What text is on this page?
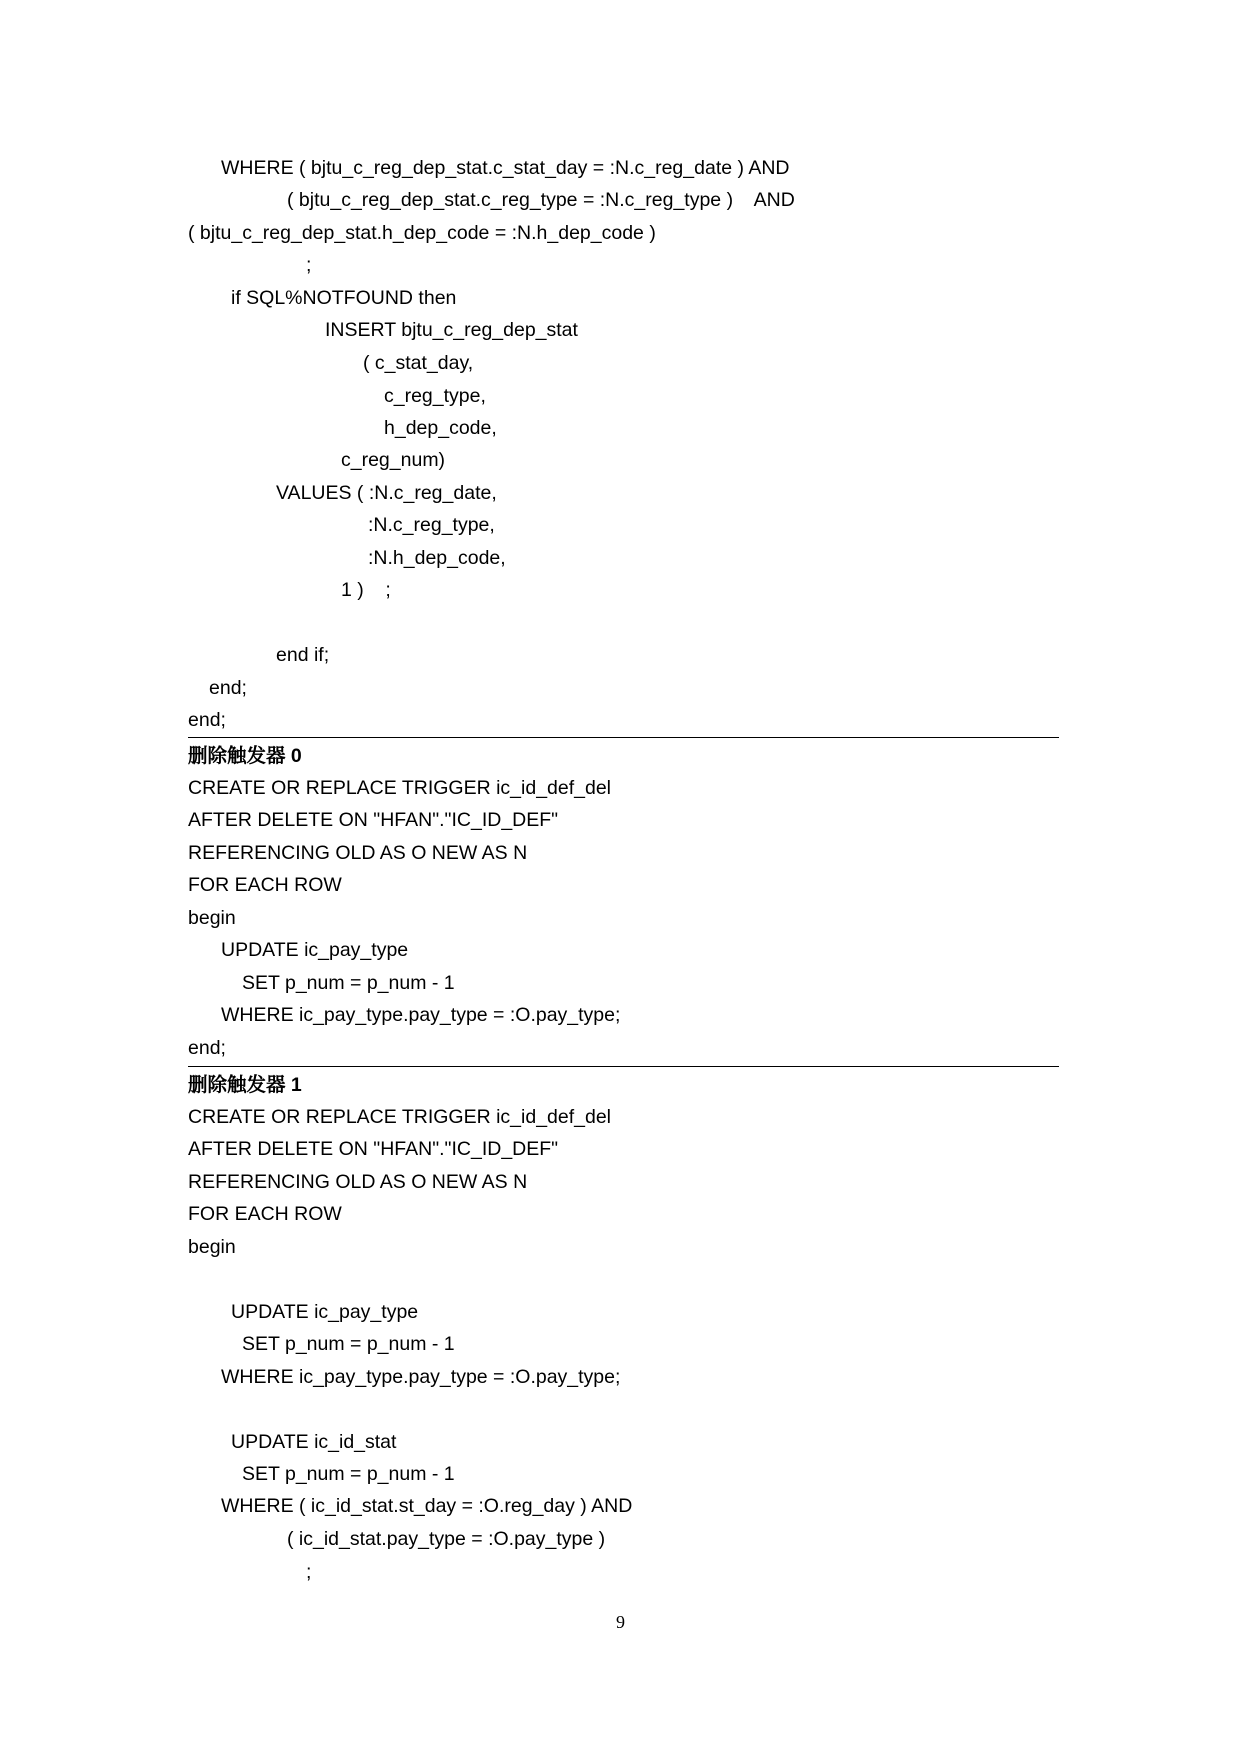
WHERE ( bjtu_c_reg_dep_stat.c_stat_day = :N.c_reg_date ) AND
( bjtu_c_reg_dep_stat.c_reg_type = :N.c_reg_type )    AND
( bjtu_c_reg_dep_stat.h_dep_code = :N.h_dep_code )
;
if SQL%NOTFOUND then
INSERT bjtu_c_reg_dep_stat
( c_stat_day,
c_reg_type,
h_dep_code,
c_reg_num)
VALUES ( :N.c_reg_date,
:N.c_reg_type,
:N.h_dep_code,
1 )    ;
end if;
end;
end;
删除触发器 0
CREATE OR REPLACE TRIGGER ic_id_def_del
AFTER DELETE ON "HFAN"."IC_ID_DEF"
REFERENCING OLD AS O NEW AS N
FOR EACH ROW
begin
UPDATE ic_pay_type
SET p_num = p_num - 1
WHERE ic_pay_type.pay_type = :O.pay_type;
end;
删除触发器 1
CREATE OR REPLACE TRIGGER ic_id_def_del
AFTER DELETE ON "HFAN"."IC_ID_DEF"
REFERENCING OLD AS O NEW AS N
FOR EACH ROW
begin
UPDATE ic_pay_type
SET p_num = p_num - 1
WHERE ic_pay_type.pay_type = :O.pay_type;
UPDATE ic_id_stat
SET p_num = p_num - 1
WHERE ( ic_id_stat.st_day = :O.reg_day ) AND
( ic_id_stat.pay_type = :O.pay_type )
;
9
